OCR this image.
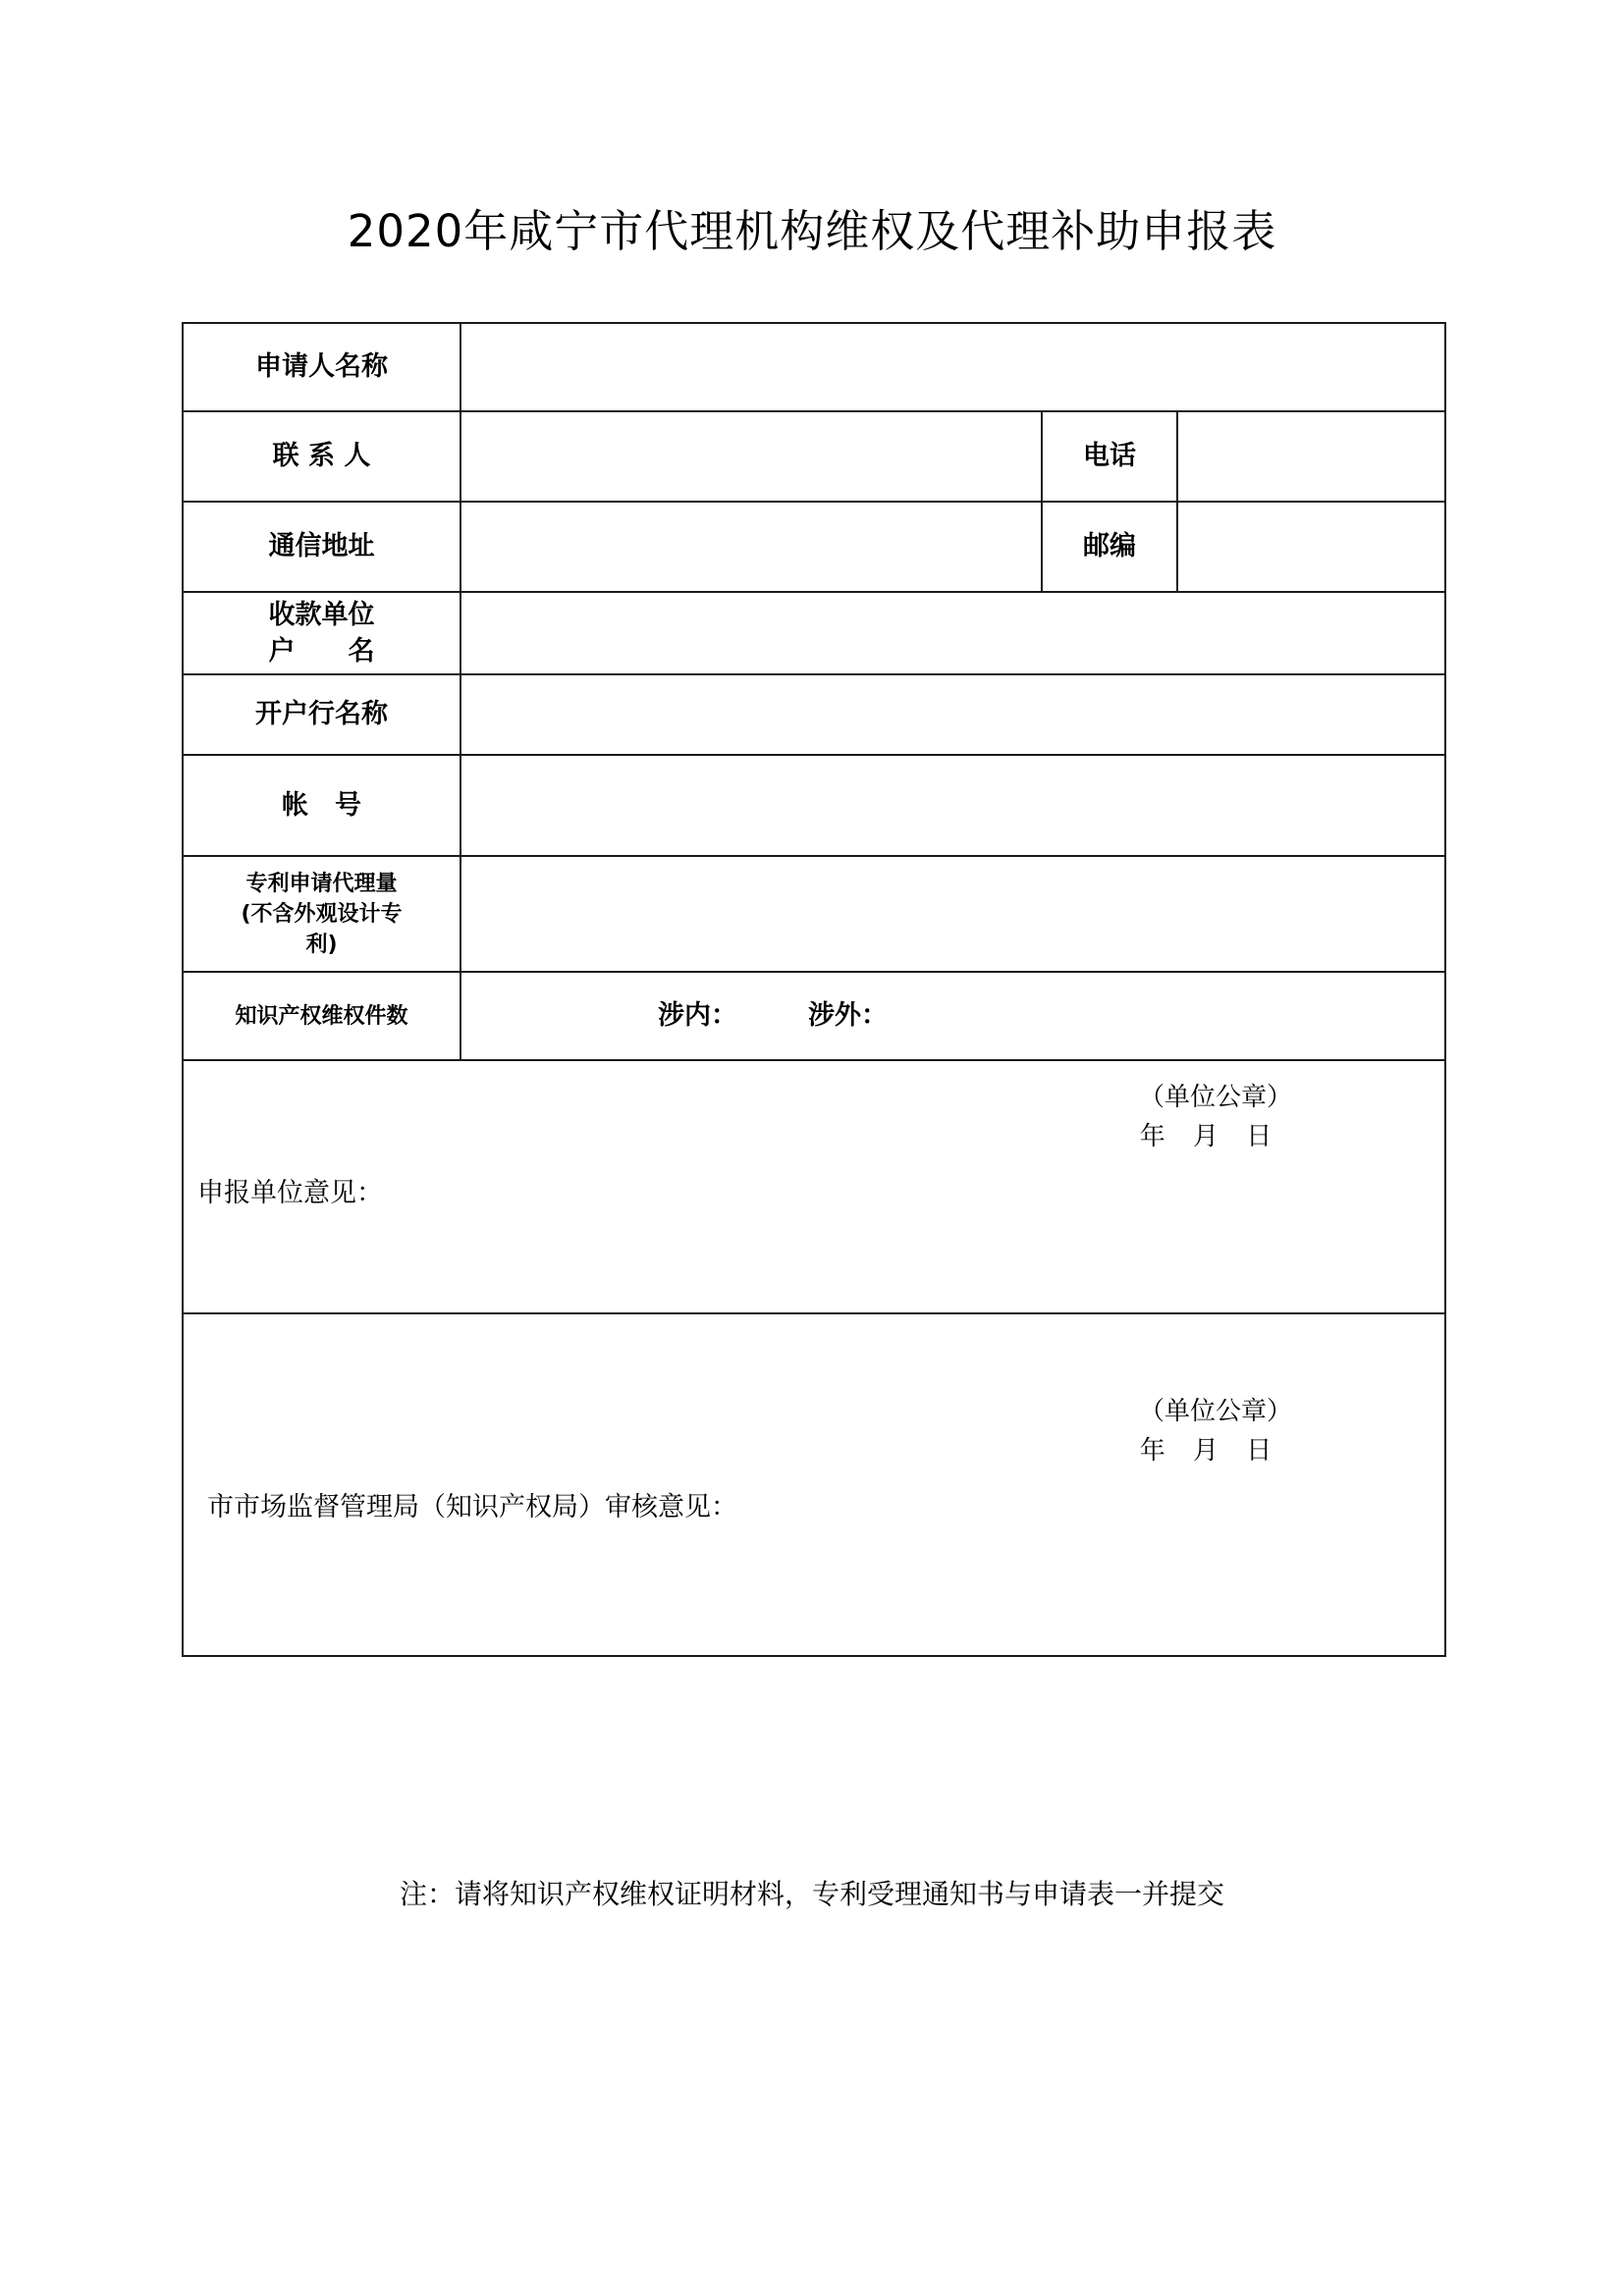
2020年咸宁市代理机构维权及代理补助申报表
申请人名称			
联 系 人		电话	
通信地址		邮编	
收款单位
户　　名			
开户行名称			
帐　号			
专利申请代理量
(不含外观设计专
利)			
知识产权维权件数	涉内： 涉外：		

申报单位意见：
（单位公章）
年 月 日			

市市场监督管理局（知识产权局）审核意见：
（单位公章）
年 月 日			
注：请将知识产权维权证明材料，专利受理通知书与申请表一并提交
